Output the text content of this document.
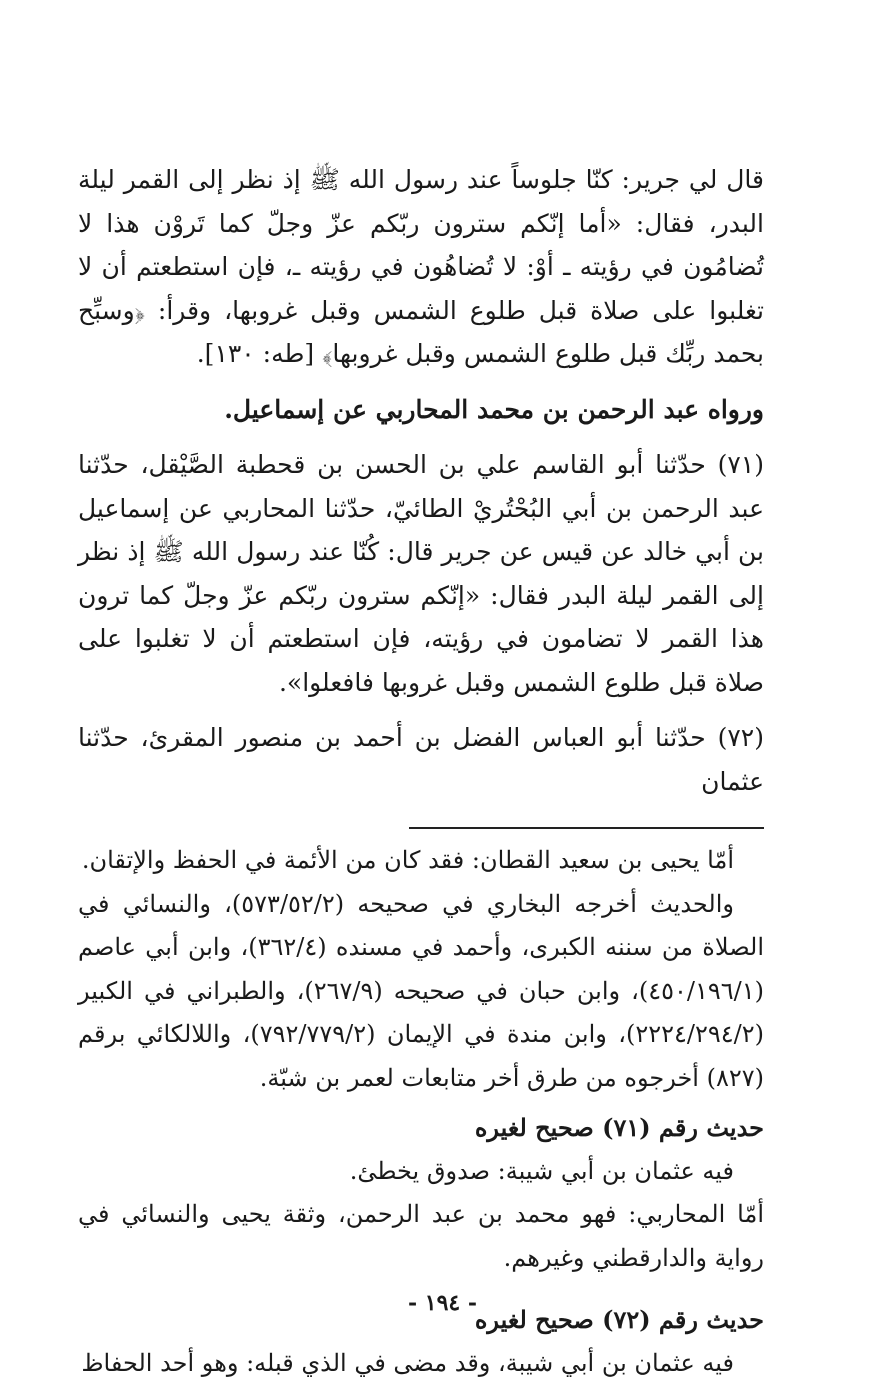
قال لي جرير: كنّا جلوساً عند رسول الله ﷺ إذ نظر إلى القمر ليلة البدر، فقال: «أما إنّكم سترون ربّكم عزّ وجلّ كما تَروْن هذا لا تُضامُون في رؤيته ـ أوْ: لا تُضاهُون في رؤيته ـ، فإن استطعتم أن لا تغلبوا على صلاة قبل طلوع الشمس وقبل غروبها، وقرأ: ﴿وسبِّح بحمد ربِّك قبل طلوع الشمس وقبل غروبها﴾ [طه: ١٣٠].

ورواه عبد الرحمن بن محمد المحاربي عن إسماعيل.

(٧١) حدّثنا أبو القاسم علي بن الحسن بن قحطبة الصَّيْقل، حدّثنا عبد الرحمن بن أبي البُحْتُريْ الطائيّ، حدّثنا المحاربي عن إسماعيل بن أبي خالد عن قيس عن جرير قال: كُنّا عند رسول الله ﷺ إذ نظر إلى القمر ليلة البدر فقال: «إنّكم سترون ربّكم عزّ وجلّ كما ترون هذا القمر لا تضامون في رؤيته، فإن استطعتم أن لا تغلبوا على صلاة قبل طلوع الشمس وقبل غروبها فافعلوا».

(٧٢) حدّثنا أبو العباس الفضل بن أحمد بن منصور المقرئ، حدّثنا عثمان

أمّا يحيى بن سعيد القطان: فقد كان من الأئمة في الحفظ والإتقان.

والحديث أخرجه البخاري في صحيحه (٥٧٣/٥٢/٢)، والنسائي في الصلاة من سننه الكبرى، وأحمد في مسنده (٣٦٢/٤)، وابن أبي عاصم (٤٥٠/١٩٦/١)، وابن حبان في صحيحه (٢٦٧/٩)، والطبراني في الكبير (٢٢٢٤/٢٩٤/٢)، وابن مندة في الإيمان (٧٩٢/٧٧٩/٢)، واللالكائي برقم (٨٢٧) أخرجوه من طرق أخر متابعات لعمر بن شبّة.

حديث رقم (٧١) صحيح لغيره

فيه عثمان بن أبي شيبة: صدوق يخطئ.

أمّا المحاربي: فهو محمد بن عبد الرحمن، وثقة يحيى والنسائي في رواية والدارقطني وغيرهم.

حديث رقم (٧٢) صحيح لغيره

فيه عثمان بن أبي شيبة، وقد مضى في الذي قبله: وهو أحد الحفاظ

- ١٩٤ -
